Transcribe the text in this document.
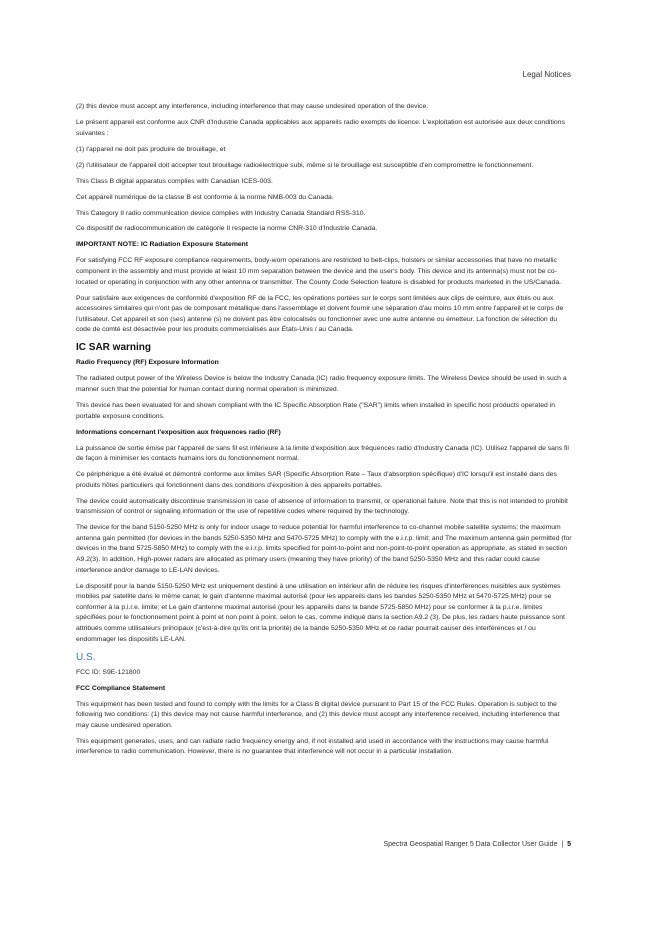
Legal Notices

(2) this device must accept any interference, including interference that may cause undesired operation of the device.

Le présent appareil est conforme aux CNR d'Industrie Canada applicables aux appareils radio exempts de licence. L'exploitation est autorisée aux deux conditions suivantes :

(1) l'appareil ne doit pas produire de brouillage, et

(2) l'utilisateur de l'appareil doit accepter tout brouillage radioélectrique subi, même si le brouillage est susceptible d'en compromettre le fonctionnement.

This Class B digital apparatus complies with Canadian ICES-003.

Cet appareil numérique de la classe B est conforme à la norme NMB-003 du Canada.

This Category II radio communication device complies with Industry Canada Standard RSS-310.

Ce dispositif de radiocommunication de catégorie II respecte la norme CNR-310 d'Industrie Canada.

IMPORTANT NOTE: IC Radiation Exposure Statement

For satisfying FCC RF exposure compliance requirements, body-worn operations are restricted to belt-clips, holsters or similar accessories that have no metallic component in the assembly and must provide at least 10 mm separation between the device and the user's body. This device and its antenna(s) must not be co-located or operating in conjunction with any other antenna or transmitter. The County Code Selection feature is disabled for products marketed in the US/Canada.

Pour satisfaire aux exigences de conformité d'exposition RF de la FCC, les opérations portées sur le corps sont limitées aux clips de ceinture, aux étuis ou aux accessoires similaires qui n'ont pas de composant métallique dans l'assemblage et doivent fournir une séparation d'au moins 10 mm entre l'appareil et le corps de l'utilisateur. Cet appareil et son (ses) antenne (s) ne doivent pas être colocalisés ou fonctionner avec une autre antenne ou émetteur. La fonction de sélection du code de comté est désactivée pour les produits commercialisés aux États-Unis / au Canada.

IC SAR warning

Radio Frequency (RF) Exposure Information

The radiated output power of the Wireless Device is below the Industry Canada (IC) radio frequency exposure limits. The Wireless Device should be used in such a manner such that the potential for human contact during normal operation is minimized.

This device has been evaluated for and shown compliant with the IC Specific Absorption Rate ("SAR") limits when installed in specific host products operated in portable exposure conditions.

Informations concernant l'exposition aux fréquences radio (RF)

La puissance de sortie émise par l'appareil de sans fil est inférieure à la limite d'exposition aux fréquences radio d'Industry Canada (IC). Utilisez l'appareil de sans fil de façon à minimiser les contacts humains lors du fonctionnement normal.

Ce périphérique a été évalué et démontré conforme aux limites SAR (Specific Absorption Rate – Taux d'absorption spécifique) d'IC lorsqu'il est installé dans des produits hôtes particuliers qui fonctionnent dans des conditions d'exposition à des appareils portables.

The device could automatically discontinue transmission in case of absence of information to transmit, or operational failure. Note that this is not intended to prohibit transmission of control or signaling information or the use of repetitive codes where required by the technology.

The device for the band 5150-5250 MHz is only for indoor usage to reduce potential for harmful interference to co-channel mobile satellite systems; the maximum antenna gain permitted (for devices in the bands 5250-5350 MHz and 5470-5725 MHz) to comply with the e.i.r.p. limit; and The maximum antenna gain permitted (for devices in the band 5725-5850 MHz) to comply with the e.i.r.p. limits specified for point-to-point and non-point-to-point operation as appropriate, as stated in section A9.2(3). In addition, High-power radars are allocated as primary users (meaning they have priority) of the band 5250-5350 MHz and this radar could cause interference and/or damage to LE-LAN devices.

Le dispositif pour la bande 5150-5250 MHz est uniquement destiné à une utilisation en intérieur afin de réduire les risques d'interférences nuisibles aux systèmes mobiles par satellite dans le même canal; le gain d'antenne maximal autorisé (pour les appareils dans les bandes 5250-5350 MHz et 5470-5725 MHz) pour se conformer à la p.i.r.e. limite; et Le gain d'antenne maximal autorisé (pour les appareils dans la bande 5725-5850 MHz) pour se conformer à la p.i.r.e. limites spécifiées pour le fonctionnement point à point et non point à point, selon le cas, comme indiqué dans la section A9.2 (3). De plus, les radars haute puissance sont attribués comme utilisateurs principaux (c'est-à-dire qu'ils ont la priorité) de la bande 5250-5350 MHz et ce radar pourrait causer des interférences et / ou endommager les dispositifs LE-LAN.

U.S.

FCC ID: S9E-121800

FCC Compliance Statement

This equipment has been tested and found to comply with the limits for a Class B digital device pursuant to Part 15 of the FCC Rules. Operation is subject to the following two conditions: (1) this device may not cause harmful interference, and (2) this device must accept any interference received, including interference that may cause undesired operation.

This equipment generates, uses, and can radiate radio frequency energy and, if not installed and used in accordance with the instructions may cause harmful interference to radio communication. However, there is no guarantee that interference will not occur in a particular installation.

Spectra Geospatial Ranger 5 Data Collector User Guide | 5
